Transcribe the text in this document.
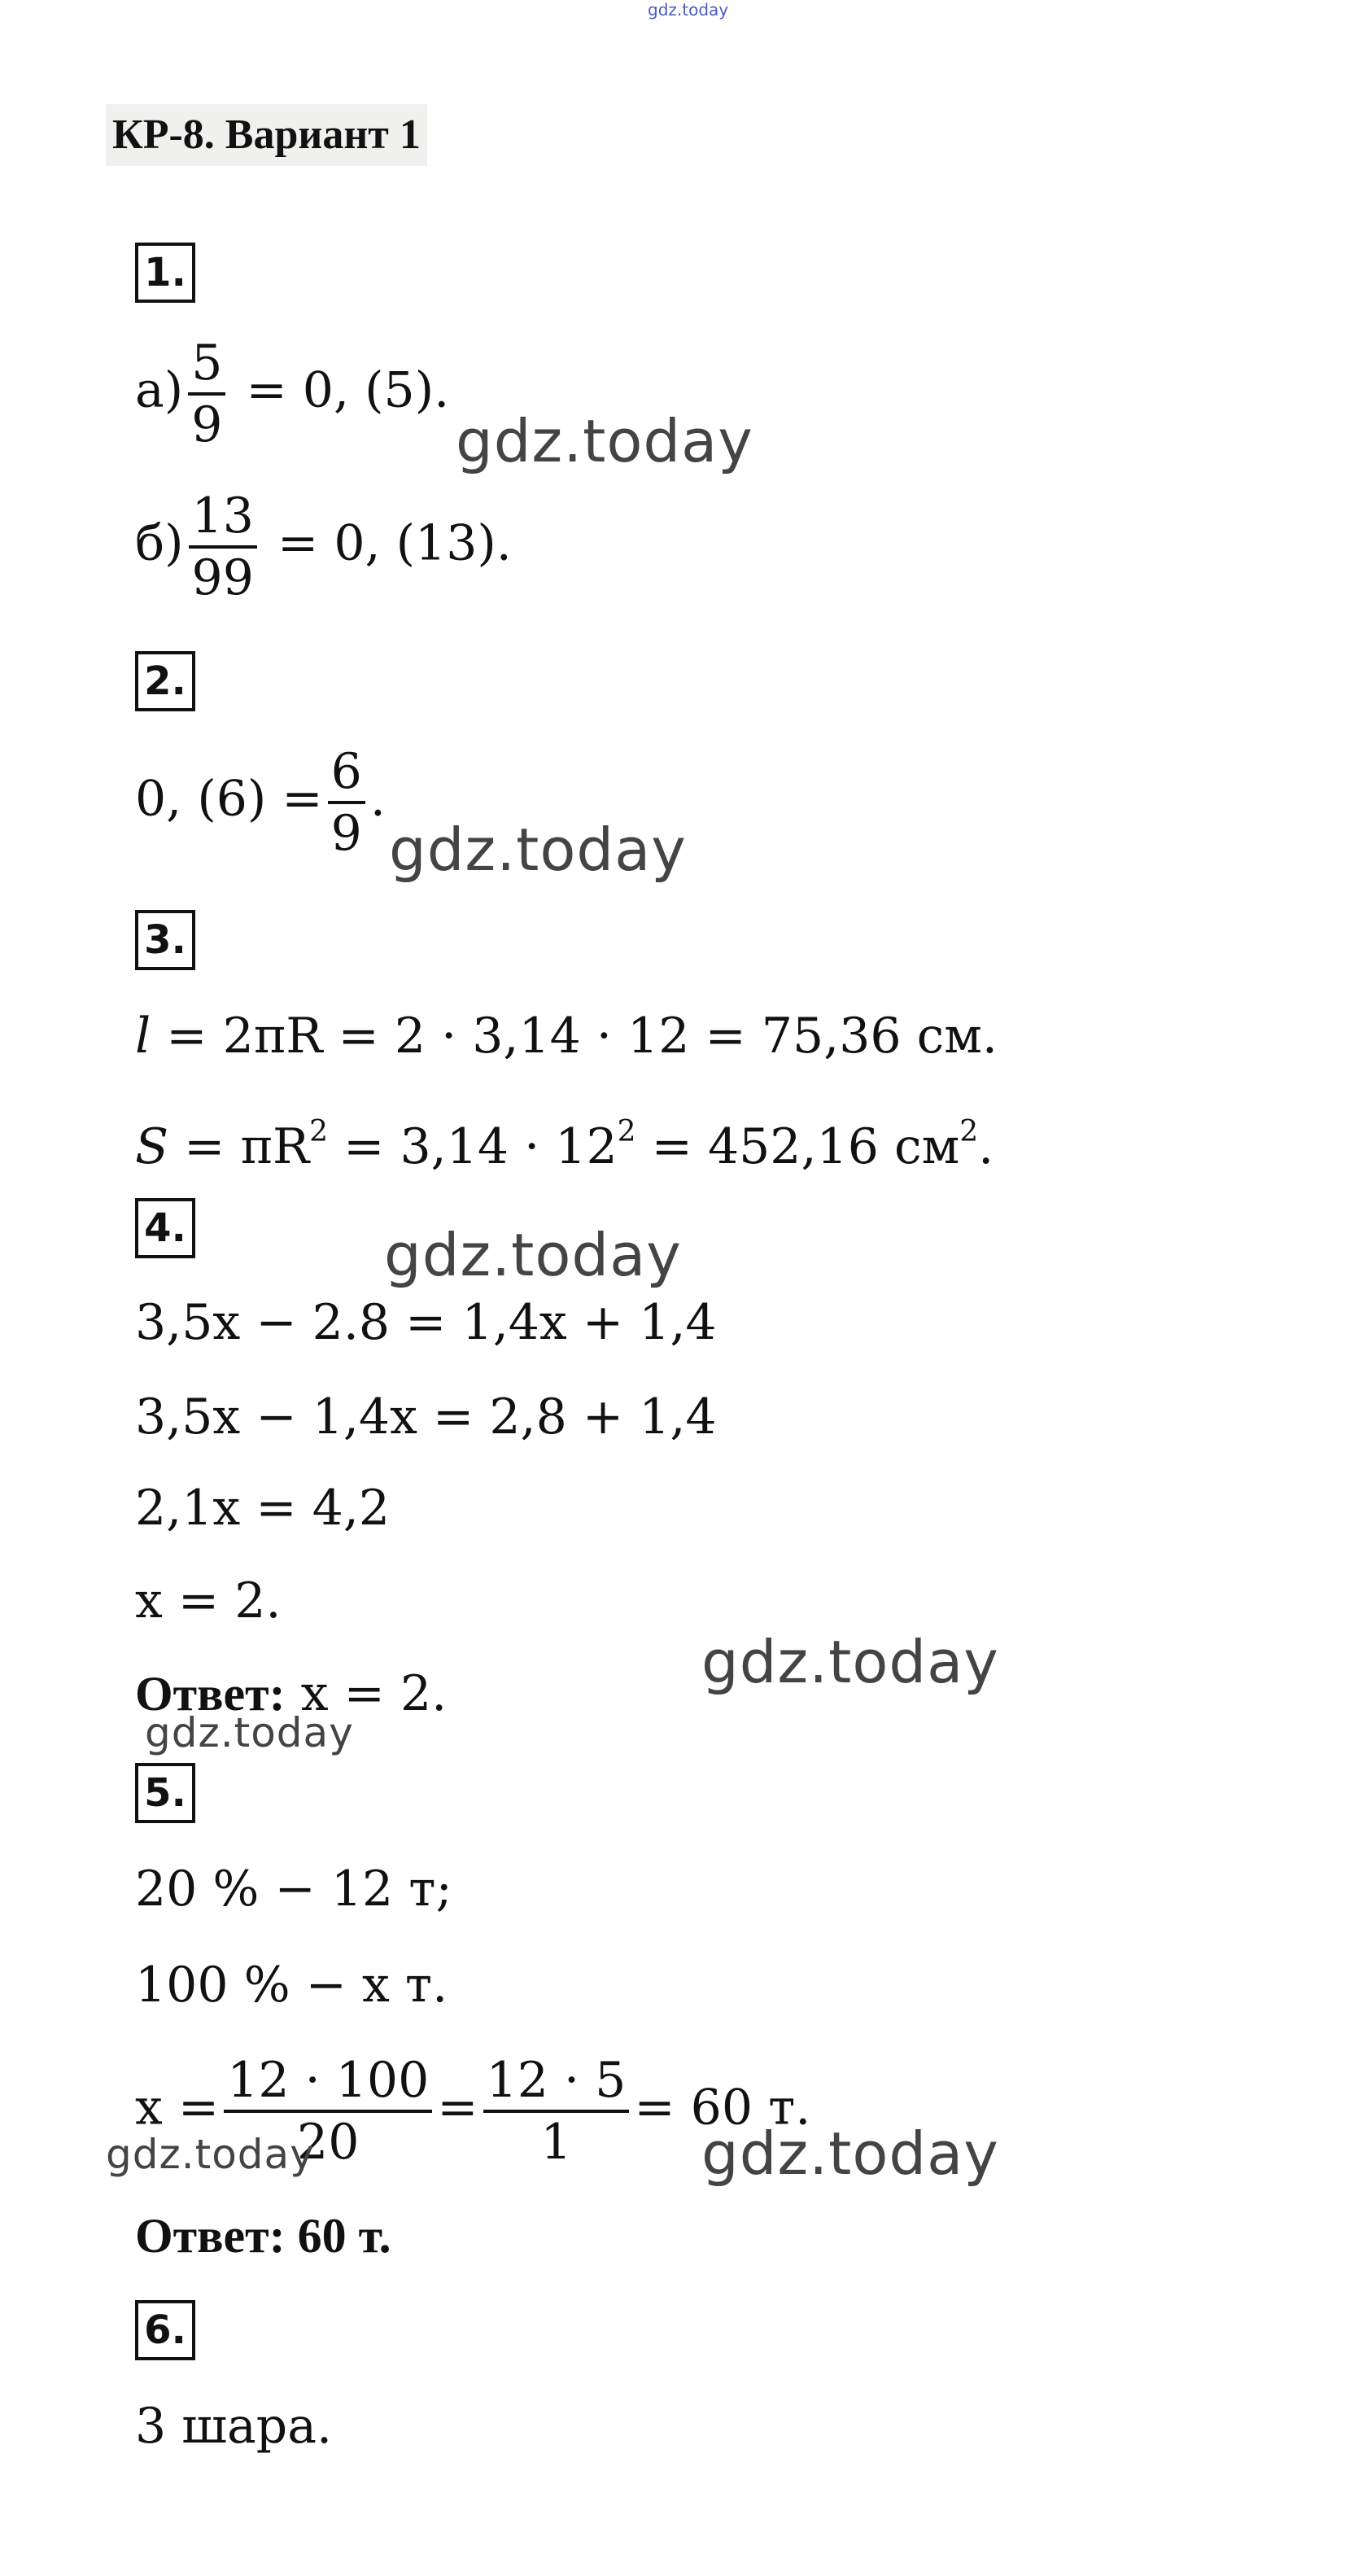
gdz.today
КР-8. Вариант 1
1.
$а) \frac{5}{9} = 0$, (5).
gdz.today
$б) \frac{13}{99} = 0$, (13).
2.
0, $(6) = \frac{6}{9}$ .
gdz.today
3.
l = 2πR = 2 · 3,14 · 12 = 75,36 см.
$S = \pi R^2 = 3,14 \cdot 12^2 = 452,16$ $см^2$.
4.	gdz.today
3,5x − 2.8 = 1,4x + 1,4
3,5x − 1,4x = 2,8 + 1,4
2,1x = 4,2
x = 2.
gdz.today
Ответ: x = 2.
gdz.today
5.
20 % − 12 т;
100 % − x т.
$x = \frac{12 \cdot 100}{20} = \frac{12 \cdot 5}{1} = 60$ т.
gdz.today	gdz.today
Ответ: 60 т.
6.
3 шара.
